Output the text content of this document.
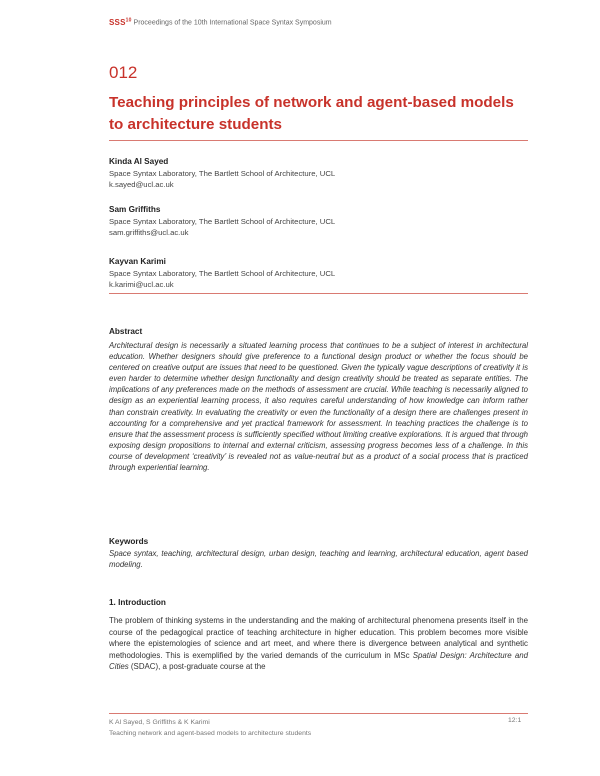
SSS$^{10}$ Proceedings of the 10th International Space Syntax Symposium
012
Teaching principles of network and agent-based models to architecture students
Kinda Al Sayed
Space Syntax Laboratory, The Bartlett School of Architecture, UCL
k.sayed@ucl.ac.uk
Sam Griffiths
Space Syntax Laboratory, The Bartlett School of Architecture, UCL
sam.griffiths@ucl.ac.uk
Kayvan Karimi
Space Syntax Laboratory, The Bartlett School of Architecture, UCL
k.karimi@ucl.ac.uk
Abstract
Architectural design is necessarily a situated learning process that continues to be a subject of interest in architectural education. Whether designers should give preference to a functional design product or whether the focus should be centered on creative output are issues that need to be questioned. Given the typically vague descriptions of creativity it is even harder to determine whether design functionality and design creativity should be treated as separate entities. The implications of any preferences made on the methods of assessment are crucial. While teaching is necessarily aligned to design as an experiential learning process, it also requires careful understanding of how knowledge can inform rather than constrain creativity. In evaluating the creativity or even the functionality of a design there are challenges present in accounting for a comprehensive and yet practical framework for assessment. In teaching practices the challenge is to ensure that the assessment process is sufficiently specified without limiting creative explorations. It is argued that through exposing design propositions to internal and external criticism, assessing progress becomes less of a challenge. In this course of development ‘creativity’ is revealed not as value-neutral but as a product of a social process that is practiced through experiential learning.
Keywords
Space syntax, teaching, architectural design, urban design, teaching and learning, architectural education, agent based modeling.
1. Introduction
The problem of thinking systems in the understanding and the making of architectural phenomena presents itself in the course of the pedagogical practice of teaching architecture in higher education. This problem becomes more visible where the epistemologies of science and art meet, and where there is divergence between analytical and synthetic methodologies. This is exemplified by the varied demands of the curriculum in MSc Spatial Design: Architecture and Cities (SDAC), a post-graduate course at the
K Al Sayed, S Griffiths & K Karimi
Teaching network and agent-based models to architecture students
12:1
